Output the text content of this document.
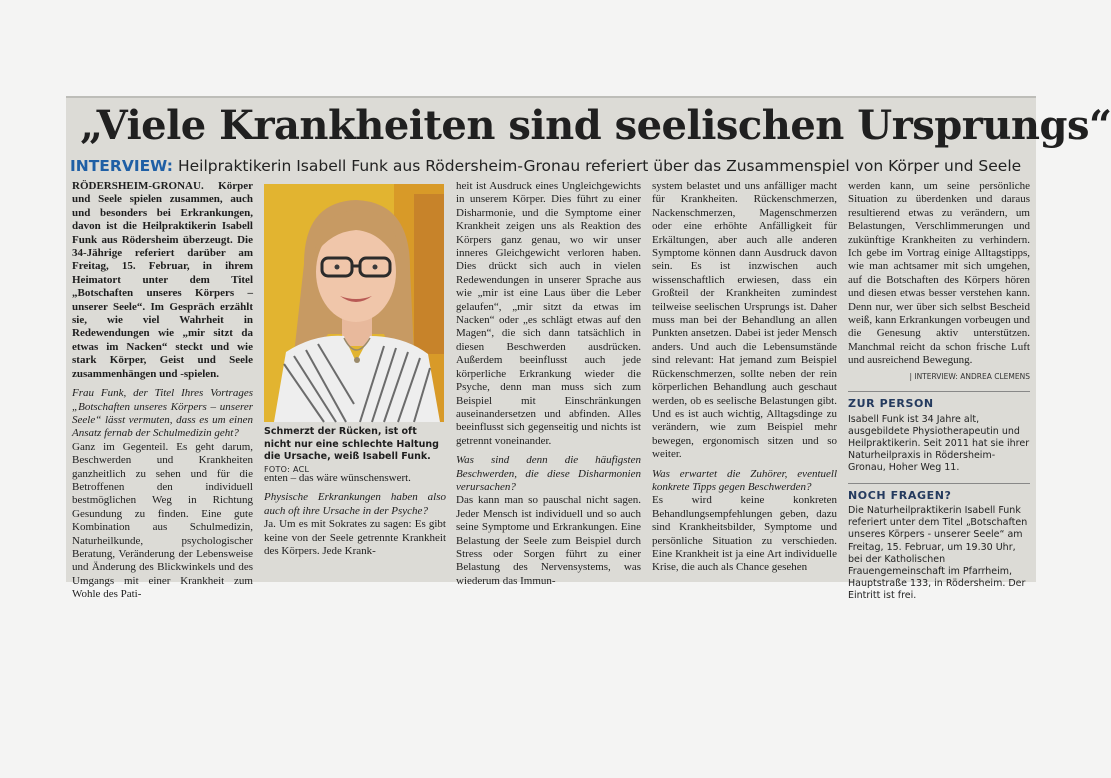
„Viele Krankheiten sind seelischen Ursprungs“
INTERVIEW: Heilpraktikerin Isabell Funk aus Rödersheim-Gronau referiert über das Zusammenspiel von Körper und Seele

RÖDERSHEIM-GRONAU. Körper und Seele spielen zusammen, auch und besonders bei Erkrankungen, davon ist die Heilpraktikerin Isabell Funk aus Rödersheim überzeugt. Die 34-Jährige referiert darüber am Freitag, 15. Februar, in ihrem Heimatort unter dem Titel „Botschaften unseres Körpers – unserer Seele“. Im Gespräch erzählt sie, wie viel Wahrheit in Redewendungen wie „mir sitzt da etwas im Nacken“ steckt und wie stark Körper, Geist und Seele zusammenhängen und -spielen.

Frau Funk, der Titel Ihres Vortrages „Botschaften unseres Körpers – unserer Seele“ lässt vermuten, dass es um einen Ansatz fernab der Schulmedizin geht?

Ganz im Gegenteil. Es geht darum, Beschwerden und Krankheiten ganzheitlich zu sehen und für die Betroffenen den individuell bestmöglichen Weg in Richtung Gesundung zu finden. Eine gute Kombination aus Schulmedizin, Naturheilkunde, psychologischer Beratung, Veränderung der Lebensweise und Änderung des Blickwinkels und des Umgangs mit einer Krankheit zum Wohle des Pati-

Schmerzt der Rücken, ist oft nicht nur eine schlechte Haltung die Ursache, weiß Isabell Funk. FOTO: ACL

enten – das wäre wünschenswert.

Physische Erkrankungen haben also auch oft ihre Ursache in der Psyche?

Ja. Um es mit Sokrates zu sagen: Es gibt keine von der Seele getrennte Krankheit des Körpers. Jede Krank-

heit ist Ausdruck eines Ungleichgewichts in unserem Körper. Dies führt zu einer Disharmonie, und die Symptome einer Krankheit zeigen uns als Reaktion des Körpers ganz genau, wo wir unser inneres Gleichgewicht verloren haben. Dies drückt sich auch in vielen Redewendungen in unserer Sprache aus wie „mir ist eine Laus über die Leber gelaufen“, „mir sitzt da etwas im Nacken“ oder „es schlägt etwas auf den Magen“, die sich dann tatsächlich in diesen Beschwerden ausdrücken. Außerdem beeinflusst auch jede körperliche Erkrankung wieder die Psyche, denn man muss sich zum Beispiel mit Einschränkungen auseinandersetzen und abfinden. Alles beeinflusst sich gegenseitig und nichts ist getrennt voneinander.

Was sind denn die häufigsten Beschwerden, die diese Disharmonien verursachen?

Das kann man so pauschal nicht sagen. Jeder Mensch ist individuell und so auch seine Symptome und Erkrankungen. Eine Belastung der Seele zum Beispiel durch Stress oder Sorgen führt zu einer Belastung des Nervensystems, was wiederum das Immun-

system belastet und uns anfälliger macht für Krankheiten. Rückenschmerzen, Nackenschmerzen, Magenschmerzen oder eine erhöhte Anfälligkeit für Erkältungen, aber auch alle anderen Symptome können dann Ausdruck davon sein. Es ist inzwischen auch wissenschaftlich erwiesen, dass ein Großteil der Krankheiten zumindest teilweise seelischen Ursprungs ist. Daher muss man bei der Behandlung an allen Punkten ansetzen. Dabei ist jeder Mensch anders. Und auch die Lebensumstände sind relevant: Hat jemand zum Beispiel Rückenschmerzen, sollte neben der rein körperlichen Behandlung auch geschaut werden, ob es seelische Belastungen gibt. Und es ist auch wichtig, Alltagsdinge zu verändern, wie zum Beispiel mehr bewegen, ergonomisch sitzen und so weiter.

Was erwartet die Zuhörer, eventuell konkrete Tipps gegen Beschwerden?

Es wird keine konkreten Behandlungsempfehlungen geben, dazu sind Krankheitsbilder, Symptome und persönliche Situation zu verschieden. Eine Krankheit ist ja eine Art individuelle Krise, die auch als Chance gesehen

werden kann, um seine persönliche Situation zu überdenken und daraus resultierend etwas zu verändern, um Belastungen, Verschlimmerungen und zukünftige Krankheiten zu verhindern. Ich gebe im Vortrag einige Alltagstipps, wie man achtsamer mit sich umgehen, auf die Botschaften des Körpers hören und diesen etwas besser verstehen kann. Denn nur, wer über sich selbst Bescheid weiß, kann Erkrankungen vorbeugen und die Genesung aktiv unterstützen. Manchmal reicht da schon frische Luft und ausreichend Bewegung.

| INTERVIEW: ANDREA CLEMENS
ZUR PERSON
Isabell Funk ist 34 Jahre alt, ausgebildete Physiotherapeutin und Heilpraktikerin. Seit 2011 hat sie ihrer Naturheilpraxis in Rödersheim-Gronau, Hoher Weg 11.
NOCH FRAGEN?
Die Naturheilpraktikerin Isabell Funk referiert unter dem Titel „Botschaften unseres Körpers - unserer Seele“ am Freitag, 15. Februar, um 19.30 Uhr, bei der Katholischen Frauengemeinschaft im Pfarrheim, Hauptstraße 133, in Rödersheim. Der Eintritt ist frei.
